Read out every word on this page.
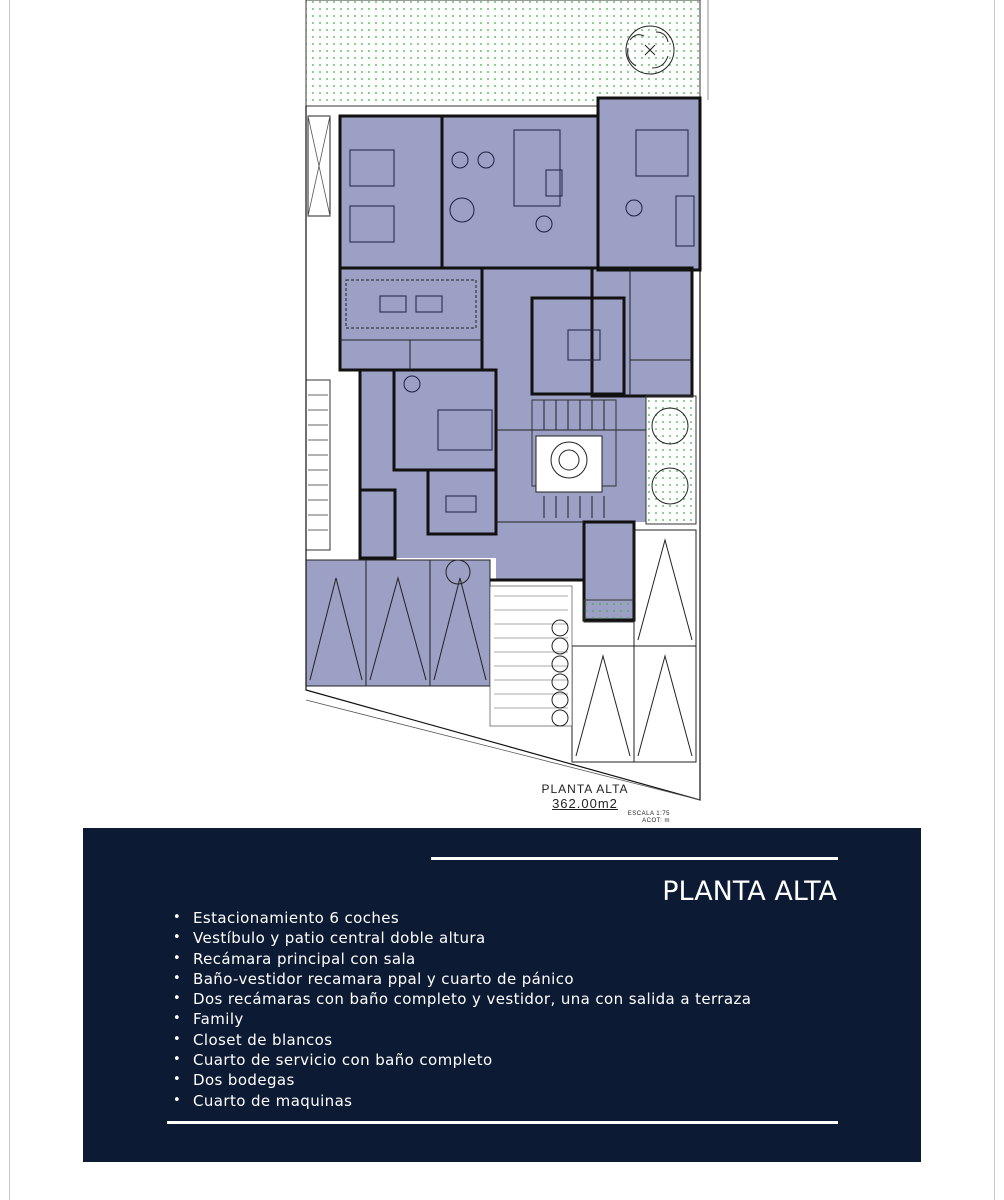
PLANTA ALTA
362.00m2
ESCALA 1:75
ACOT: m
PLANTA ALTA
• Estacionamiento 6 coches
• Vestíbulo y patio central doble altura
• Recámara principal con sala
• Baño-vestidor recamara ppal y cuarto de pánico
• Dos recámaras con baño completo y vestidor, una con salida a terraza
• Family
• Closet de blancos
• Cuarto de servicio con baño completo
• Dos bodegas
• Cuarto de maquinas
